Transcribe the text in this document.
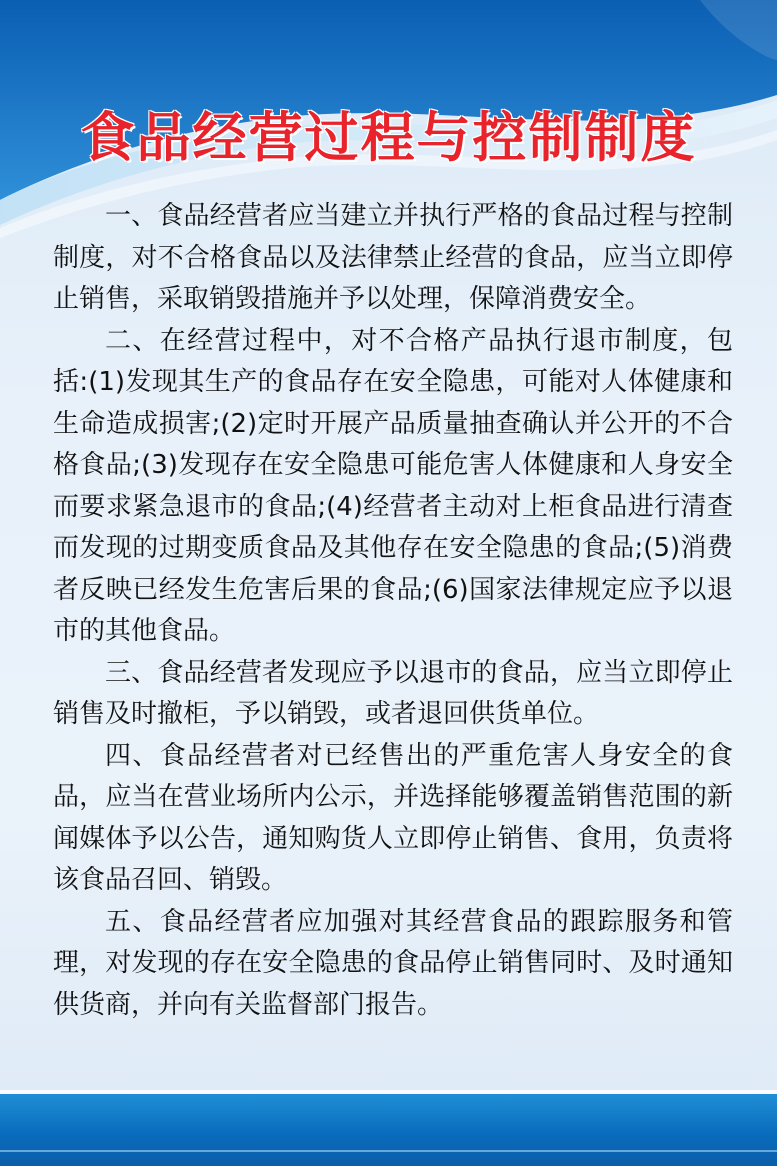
食品经营过程与控制制度

一、食品经营者应当建立并执行严格的食品过程与控制制度，对不合格食品以及法律禁止经营的食品，应当立即停止销售，采取销毁措施并予以处理，保障消费安全。

二、在经营过程中，对不合格产品执行退市制度，包括:(1)发现其生产的食品存在安全隐患，可能对人体健康和生命造成损害;(2)定时开展产品质量抽查确认并公开的不合格食品;(3)发现存在安全隐患可能危害人体健康和人身安全而要求紧急退市的食品;(4)经营者主动对上柜食品进行清查而发现的过期变质食品及其他存在安全隐患的食品;(5)消费者反映已经发生危害后果的食品;(6)国家法律规定应予以退市的其他食品。

三、食品经营者发现应予以退市的食品，应当立即停止销售及时撤柜，予以销毁，或者退回供货单位。

四、食品经营者对已经售出的严重危害人身安全的食品，应当在营业场所内公示，并选择能够覆盖销售范围的新闻媒体予以公告，通知购货人立即停止销售、食用，负责将该食品召回、销毁。

五、食品经营者应加强对其经营食品的跟踪服务和管理，对发现的存在安全隐患的食品停止销售同时、及时通知供货商，并向有关监督部门报告。
